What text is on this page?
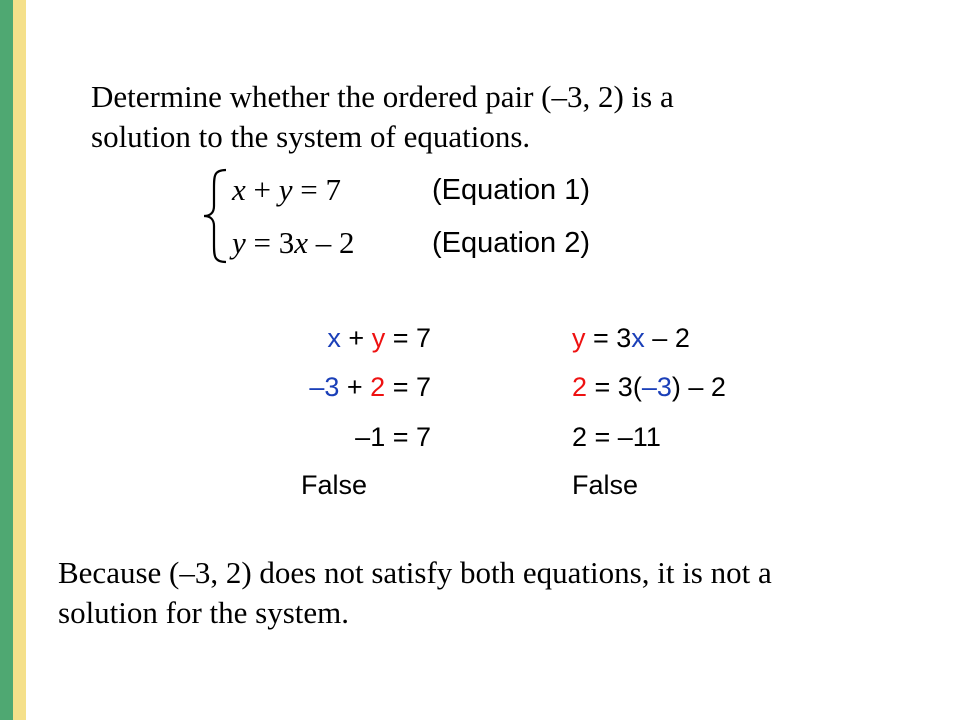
Determine whether the ordered pair (–3, 2) is a
solution to the system of equations.
x + y = 7	(Equation 1)
y = 3x – 2	(Equation 2)
x + y = 7
–3 + 2 = 7
–1 = 7
False
y = 3x – 2
2 = 3(–3) – 2
2 = –11
False
Because (–3, 2) does not satisfy both equations, it is not a
solution for the system.
